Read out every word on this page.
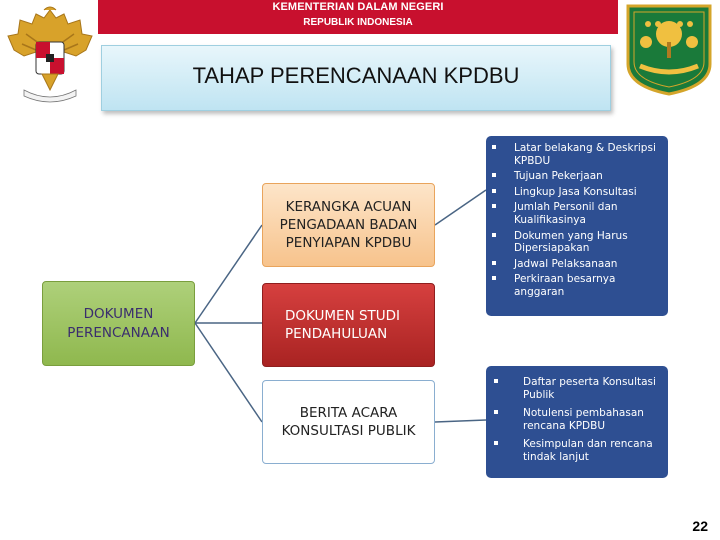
KEMENTERIAN DALAM NEGERI
REPUBLIK INDONESIA
TAHAP PERENCANAAN KPDBU
DOKUMEN PERENCANAAN
KERANGKA ACUAN PENGADAAN BADAN PENYIAPAN KPDBU
DOKUMEN STUDI PENDAHULUAN
BERITA ACARA KONSULTASI PUBLIK
Latar belakang & Deskripsi KPBDU
Tujuan Pekerjaan
Lingkup Jasa Konsultasi
Jumlah Personil dan Kualifikasinya
Dokumen yang Harus Dipersiapakan
Jadwal Pelaksanaan
Perkiraan besarnya anggaran
Daftar peserta Konsultasi Publik
Notulensi pembahasan rencana KPDBU
Kesimpulan dan rencana tindak lanjut
22
